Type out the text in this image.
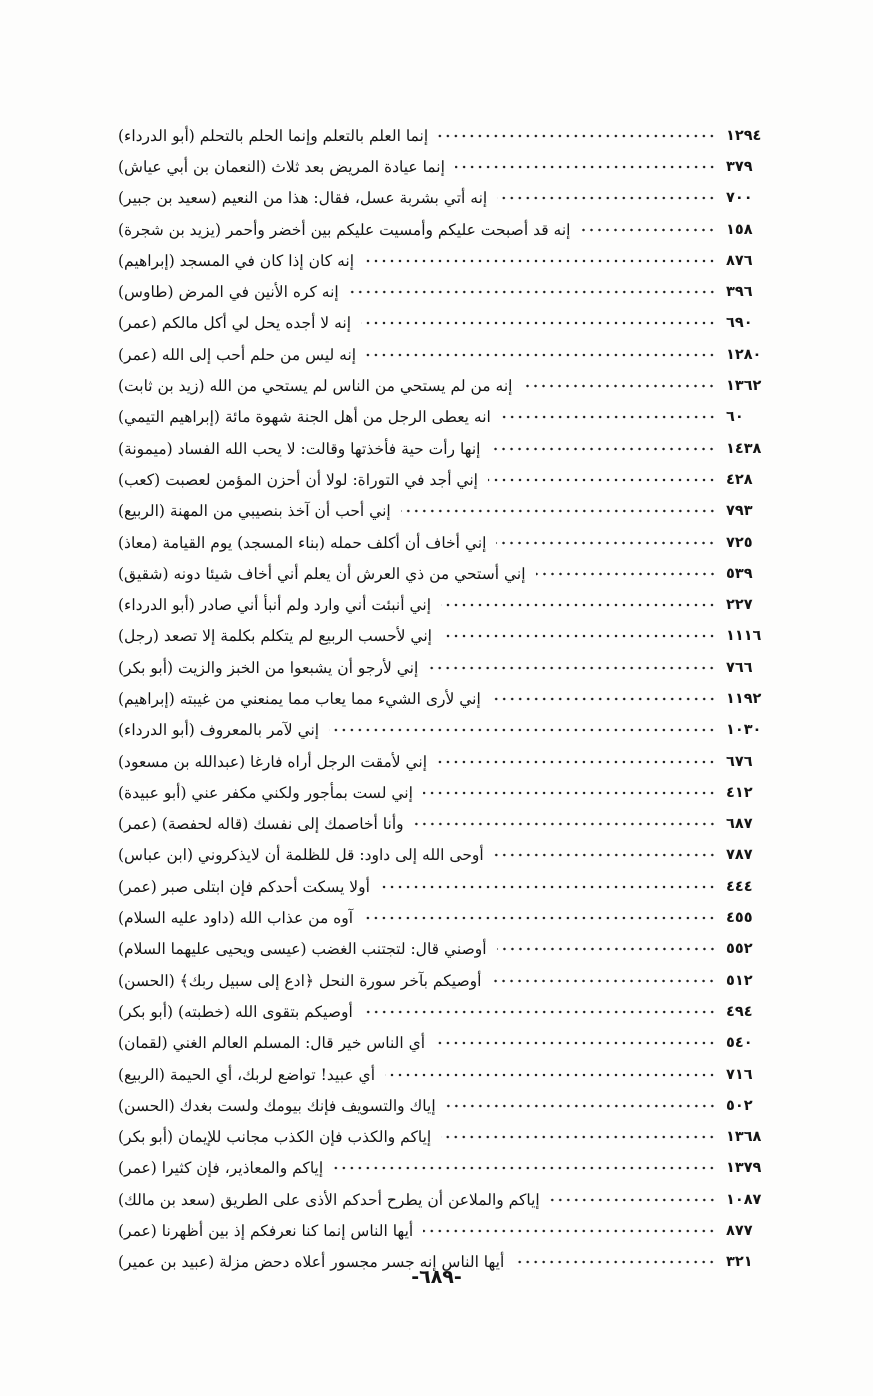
إنما العلم بالتعلم وإنما الحلم بالتحلم (أبو الدرداء)	١٢٩٤
إنما عيادة المريض بعد ثلاث (النعمان بن أبي عياش)	٣٧٩
إنه أتي بشربة عسل، فقال: هذا من النعيم (سعيد بن جبير)	٧٠٠
إنه قد أصبحت عليكم وأمسيت عليكم بين أخضر وأحمر (يزيد بن شجرة)	١٥٨
إنه كان إذا كان في المسجد (إبراهيم)	٨٧٦
إنه كره الأنين في المرض (طاوس)	٣٩٦
إنه لا أجده يحل لي أكل مالكم (عمر)	٦٩٠
إنه ليس من حلم أحب إلى الله (عمر)	١٢٨٠
إنه من لم يستحي من الناس لم يستحي من الله (زيد بن ثابت)	١٣٦٢
انه يعطى الرجل من أهل الجنة شهوة مائة (إبراهيم التيمي)	٦٠
إنها رأت حية فأخذتها وقالت: لا يحب الله الفساد (ميمونة)	١٤٣٨
إني أجد في التوراة: لولا أن أحزن المؤمن لعصبت (كعب)	٤٢٨
إني أحب أن آخذ بنصيبي من المهنة (الربيع)	٧٩٣
إني أخاف أن أكلف حمله (بناء المسجد) يوم القيامة (معاذ)	٧٢٥
إني أستحي من ذي العرش أن يعلم أني أخاف شيئا دونه (شقيق)	٥٣٩
إني أنبئت أني وارد ولم أنبأ أني صادر (أبو الدرداء)	٢٢٧
إني لأحسب الربيع لم يتكلم بكلمة إلا تصعد (رجل)	١١١٦
إني لأرجو أن يشبعوا من الخبز والزيت (أبو بكر)	٧٦٦
إني لأرى الشيء مما يعاب مما يمنعني من غيبته (إبراهيم)	١١٩٢
إني لآمر بالمعروف (أبو الدرداء)	١٠٣٠
إني لأمقت الرجل أراه فارغا (عبدالله بن مسعود)	٦٧٦
إني لست بمأجور ولكني مكفر عني (أبو عبيدة)	٤١٢
وأنا أخاصمك إلى نفسك (قاله لحفصة) (عمر)	٦٨٧
أوحى الله إلى داود: قل للظلمة أن لايذكروني (ابن عباس)	٧٨٧
أولا يسكت أحدكم فإن ابتلى صبر (عمر)	٤٤٤
آوه من عذاب الله (داود عليه السلام)	٤٥٥
أوصني قال: لتجتنب الغضب (عيسى ويحيى عليهما السلام)	٥٥٢
أوصيكم بآخر سورة النحل ﴿ادع إلى سبيل ربك﴾ (الحسن)	٥١٢
أوصيكم بتقوى الله (خطبته) (أبو بكر)	٤٩٤
أي الناس خير قال: المسلم العالم الغني (لقمان)	٥٤٠
أي عبيد! تواضع لربك، أي الحيمة (الربيع)	٧١٦
إياك والتسويف فإنك بيومك ولست بغدك (الحسن)	٥٠٢
إياكم والكذب فإن الكذب مجانب للإيمان (أبو بكر)	١٣٦٨
إياكم والمعاذير، فإن كثيرا (عمر)	١٣٧٩
إياكم والملاعن أن يطرح أحدكم الأذى على الطريق (سعد بن مالك)	١٠٨٧
أيها الناس إنما كنا نعرفكم إذ بين أظهرنا (عمر)	٨٧٧
أيها الناس إنه جسر مجسور أعلاه دحض مزلة (عبيد بن عمير)	٣٢١
-٦٨٩-
